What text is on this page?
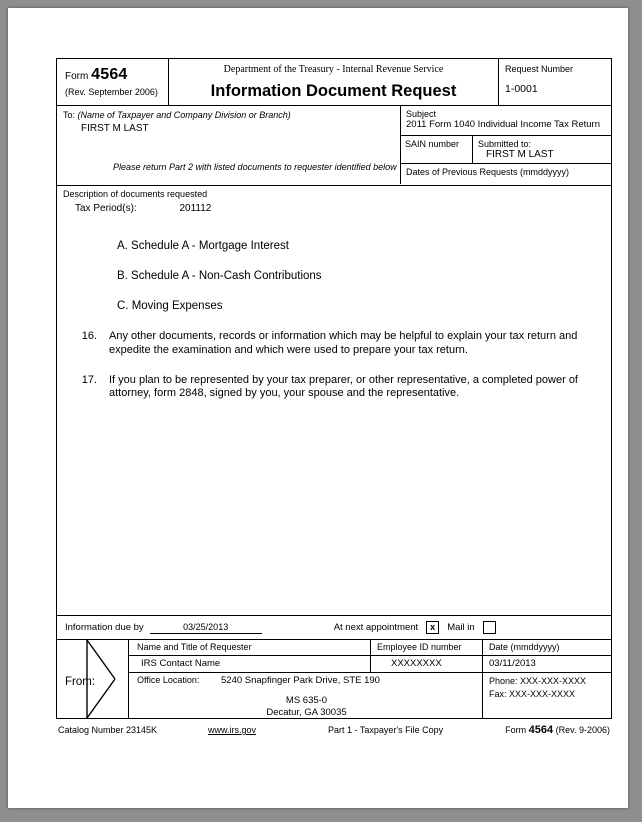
Form 4564
(Rev. September 2006)
Department of the Treasury - Internal Revenue Service
Information Document Request
Request Number
1-0001
To: (Name of Taxpayer and Company Division or Branch)
FIRST M LAST
Please return Part 2 with listed documents to requester identified below
Subject
2011 Form 1040 Individual Income Tax Return
SAIN number	Submitted to:
FIRST M LAST
Dates of Previous Requests (mmddyyyy)
Description of documents requested
Tax Period(s):	201112
A. Schedule A - Mortgage Interest
B. Schedule A - Non-Cash Contributions
C. Moving Expenses
16.	Any other documents, records or information which may be helpful to explain your tax return and expedite the examination and which were used to prepare your tax return.
17.	If you plan to be represented by your tax preparer, or other representative, a completed power of attorney, form 2848, signed by you, your spouse and the representative.
Information due by	03/25/2013	At next appointment	x	Mail in
From:
Name and Title of Requester	Employee ID number	Date (mmddyyyy)
IRS Contact Name	XXXXXXXX	03/11/2013
Office Location:	5240 Snapfinger Park Drive, STE 190
MS 635-0
Decatur, GA 30035
Phone: XXX-XXX-XXXX
Fax: XXX-XXX-XXXX
Catalog Number 23145K	www.irs.gov	Part 1 - Taxpayer's File Copy	Form 4564 (Rev. 9-2006)
